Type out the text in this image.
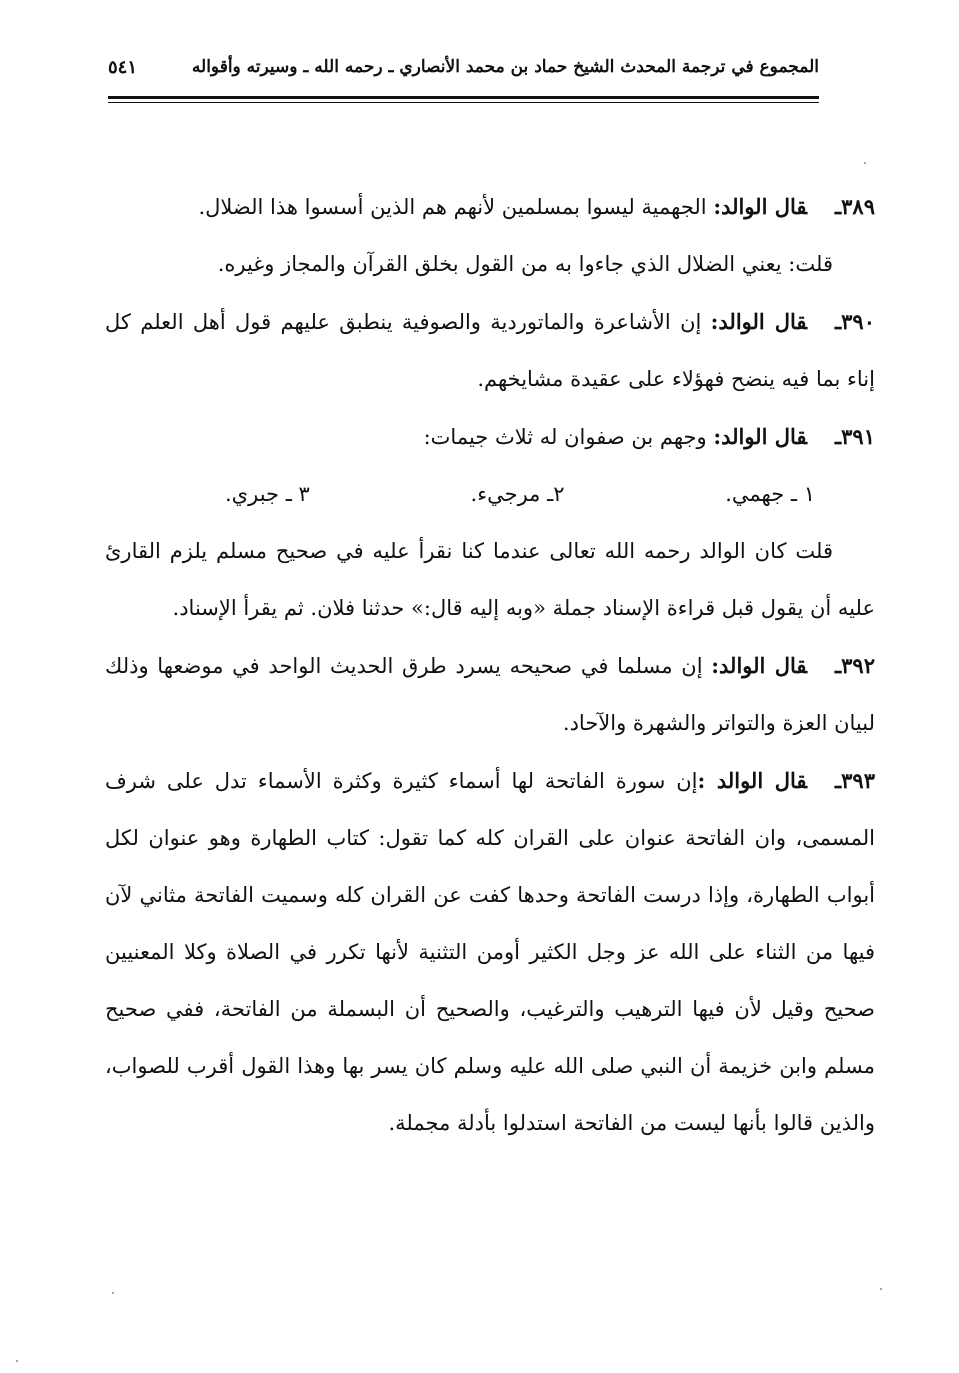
المجموع في ترجمة المحدث الشيخ حماد بن محمد الأنصاري ـ رحمه الله ـ وسيرته وأقواله
٥٤١

٣٨٩ـقال الوالد: الجهمية ليسوا بمسلمين لأنهم هم الذين أسسوا هذا الضلال.

قلت: يعني الضلال الذي جاءوا به من القول بخلق القرآن والمجاز وغيره.

٣٩٠ـقال الوالد: إن الأشاعرة والماتوردية والصوفية ينطبق عليهم قول أهل العلم كل إناء بما فيه ينضح فهؤلاء على عقيدة مشايخهم.

٣٩١ـقال الوالد: وجهم بن صفوان له ثلاث جيمات:

١ ـ جهمي.
٢ـ مرجيء.
٣ ـ جبري.

قلت كان الوالد رحمه الله تعالى عندما كنا نقرأ عليه في صحيح مسلم يلزم القارئ عليه أن يقول قبل قراءة الإسناد جملة «وبه إليه قال:» حدثنا فلان. ثم يقرأ الإسناد.

٣٩٢ـقال الوالد: إن مسلما في صحيحه يسرد طرق الحديث الواحد في موضعها وذلك لبيان العزة والتواتر والشهرة والآحاد.

٣٩٣ـقال الوالد :إن سورة الفاتحة لها أسماء كثيرة وكثرة الأسماء تدل على شرف المسمى، وان الفاتحة عنوان على القران كله كما تقول: كتاب الطهارة وهو عنوان لكل أبواب الطهارة، وإذا درست الفاتحة وحدها كفت عن القران كله وسميت الفاتحة مثاني لآن فيها من الثناء على الله عز وجل الكثير أومن التثنية لأنها تكرر في الصلاة وكلا المعنيين صحيح وقيل لأن فيها الترهيب والترغيب، والصحيح أن البسملة من الفاتحة، ففي صحيح مسلم وابن خزيمة أن النبي صلى الله عليه وسلم كان يسر بها وهذا القول أقرب للصواب، والذين قالوا بأنها ليست من الفاتحة استدلوا بأدلة مجملة.
